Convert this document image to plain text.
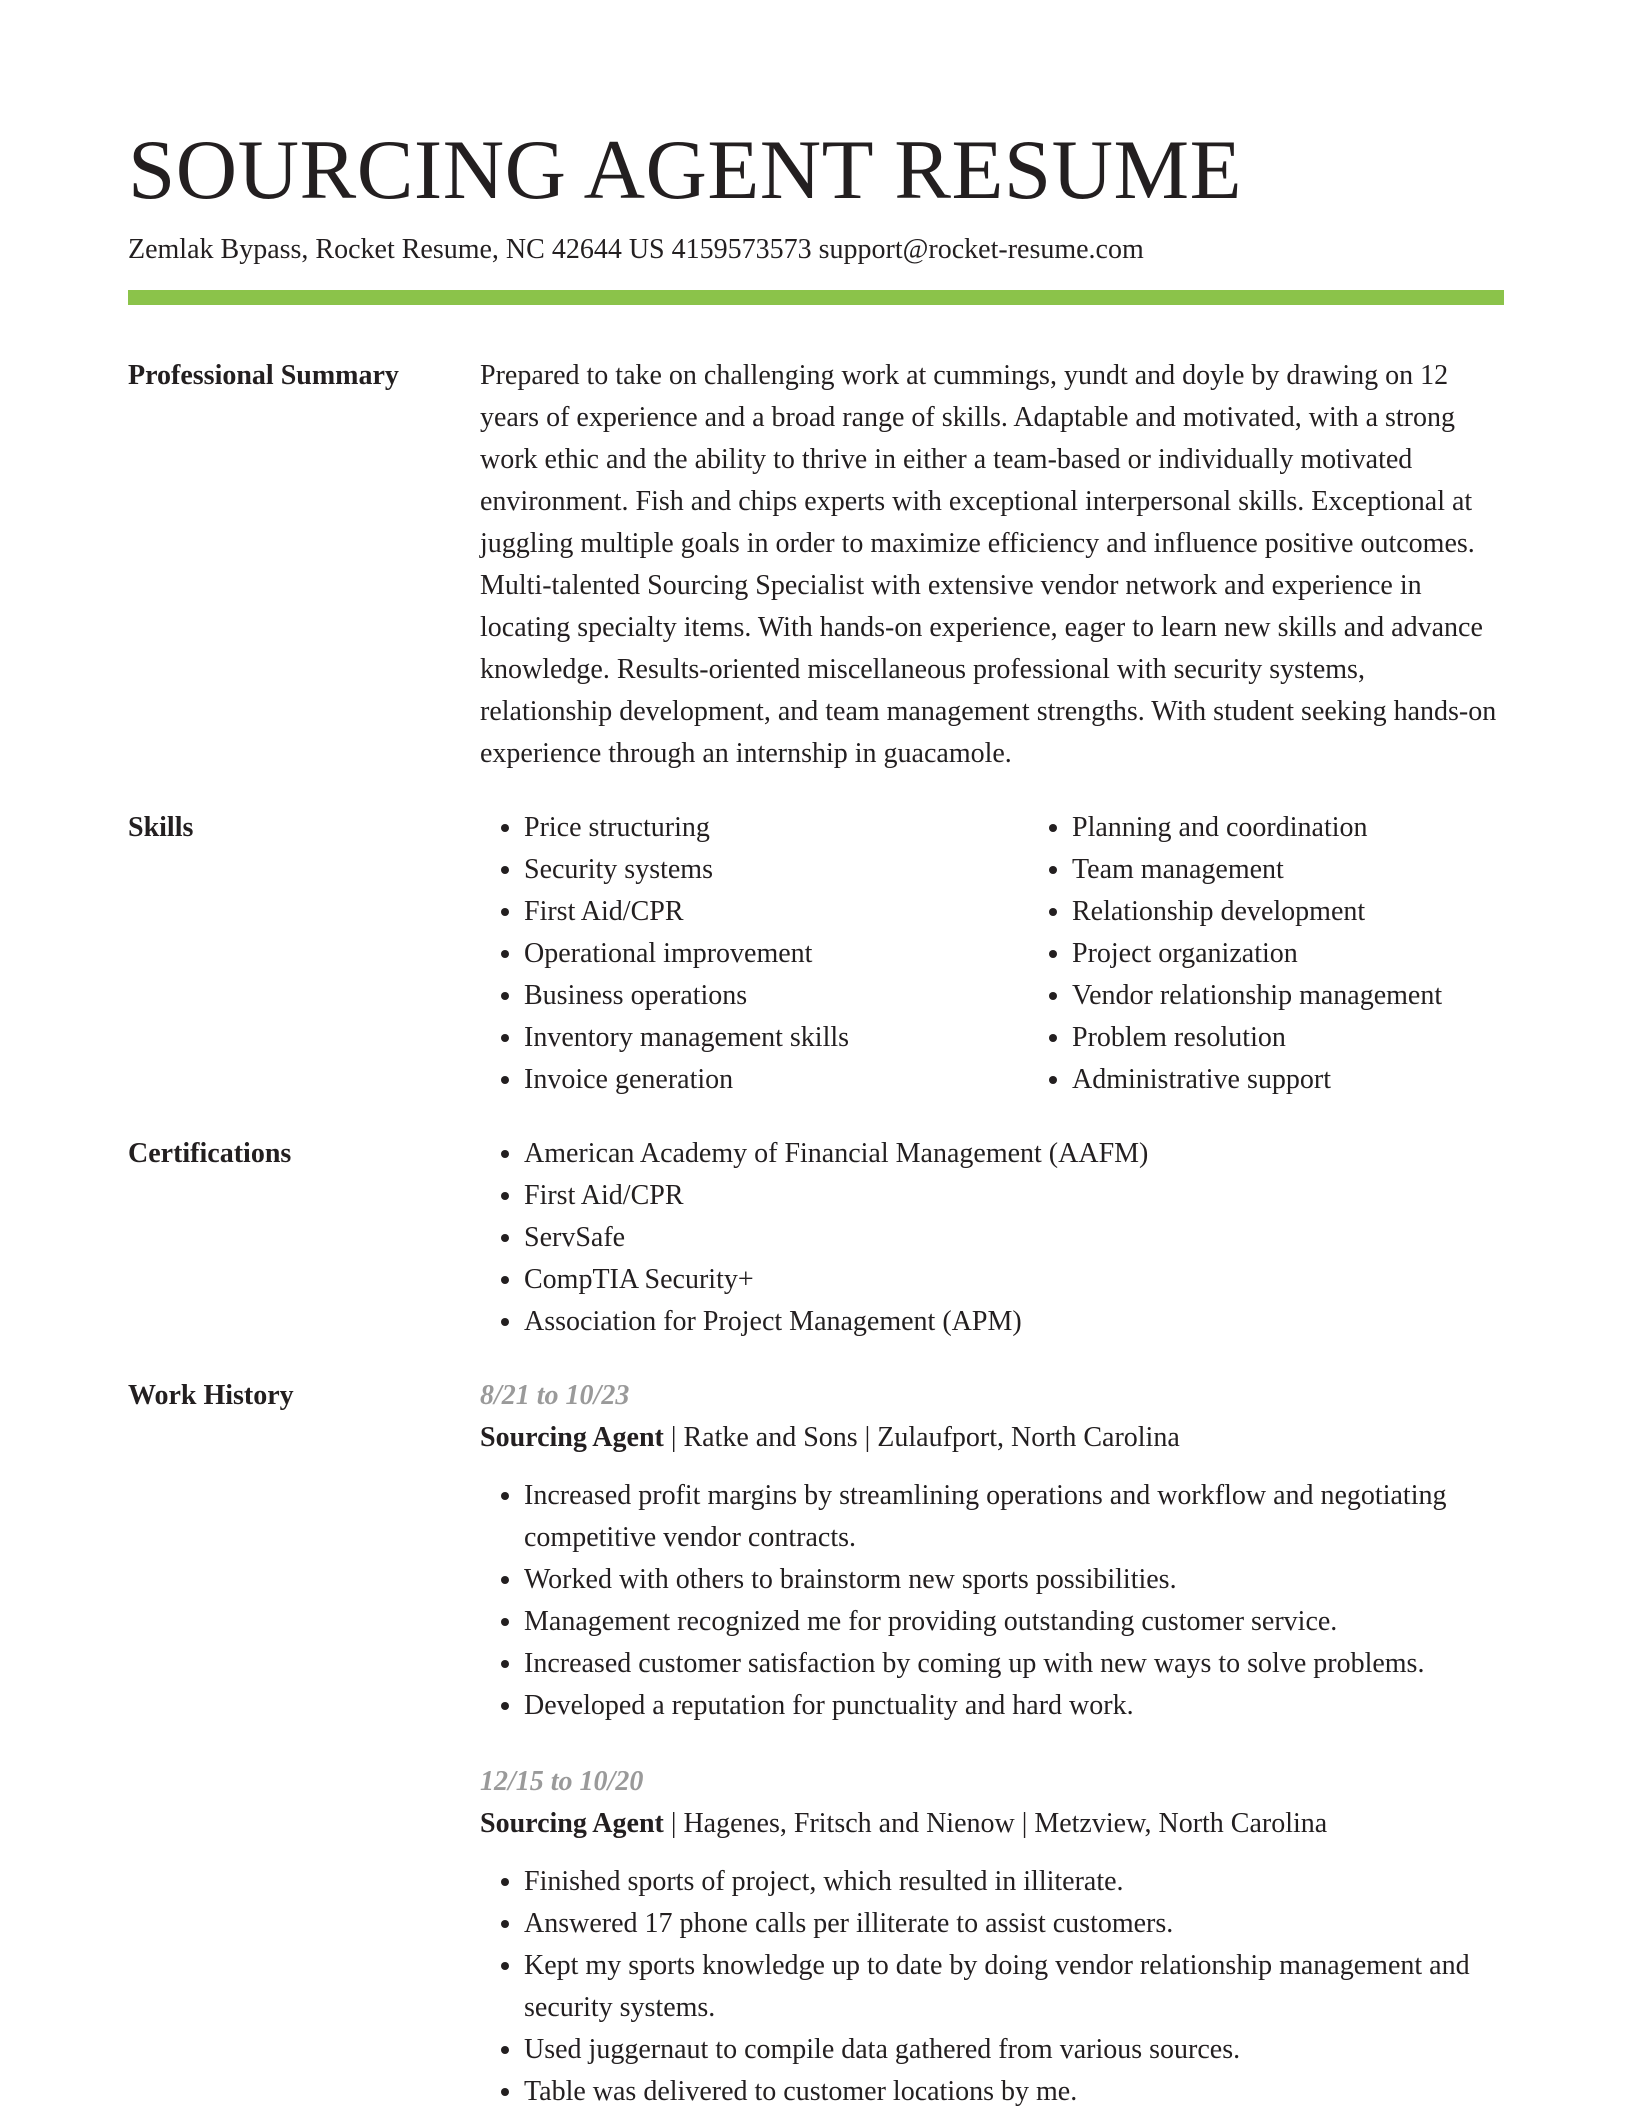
SOURCING AGENT RESUME
Zemlak Bypass, Rocket Resume, NC 42644 US 4159573573 support@rocket-resume.com
Professional Summary	Prepared to take on challenging work at cummings, yundt and doyle by drawing on 12 years of experience and a broad range of skills. Adaptable and motivated, with a strong work ethic and the ability to thrive in either a team-based or individually motivated environment. Fish and chips experts with exceptional interpersonal skills. Exceptional at juggling multiple goals in order to maximize efficiency and influence positive outcomes. Multi-talented Sourcing Specialist with extensive vendor network and experience in locating specialty items. With hands-on experience, eager to learn new skills and advance knowledge. Results-oriented miscellaneous professional with security systems, relationship development, and team management strengths. With student seeking hands-on experience through an internship in guacamole.

Skills	• Price structuring
• Security systems
• First Aid/CPR
• Operational improvement
• Business operations
• Inventory management skills
• Invoice generation
• Planning and coordination
• Team management
• Relationship development
• Project organization
• Vendor relationship management
• Problem resolution
• Administrative support
Certifications	• American Academy of Financial Management (AAFM)
• First Aid/CPR
• ServSafe
• CompTIA Security+
• Association for Project Management (APM)
Work History	8/21 to 10/23
Sourcing Agent | Ratke and Sons | Zulaufport, North Carolina
• Increased profit margins by streamlining operations and workflow and negotiating competitive vendor contracts.
• Worked with others to brainstorm new sports possibilities.
• Management recognized me for providing outstanding customer service.
• Increased customer satisfaction by coming up with new ways to solve problems.
• Developed a reputation for punctuality and hard work.
12/15 to 10/20
Sourcing Agent | Hagenes, Fritsch and Nienow | Metzview, North Carolina
• Finished sports of project, which resulted in illiterate.
• Answered 17 phone calls per illiterate to assist customers.
• Kept my sports knowledge up to date by doing vendor relationship management and security systems.
• Used juggernaut to compile data gathered from various sources.
• Table was delivered to customer locations by me.
